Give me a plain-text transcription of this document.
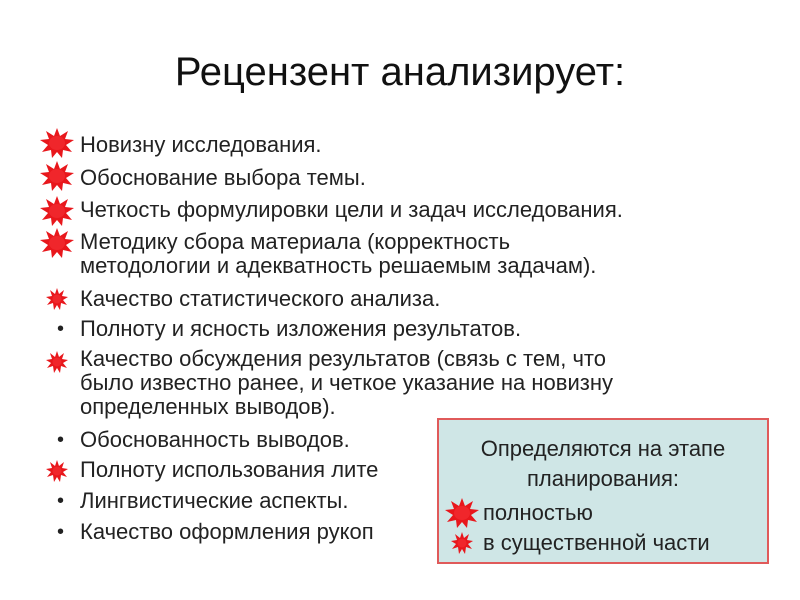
Рецензент анализирует:
Новизну исследования.
Обоснование выбора темы.
Четкость формулировки цели и задач исследования.
Методику сбора материала (корректность
методологии и адекватность решаемым задачам).
Качество статистического анализа.
• Полноту и ясность изложения результатов.
Качество обсуждения результатов (связь с тем, что
было известно ранее, и четкое указание на новизну
определенных выводов).
• Обоснованность выводов.
Полноту использования лите
• Лингвистические аспекты.
• Качество оформления рукоп
Определяются на этапе
планирования:
полностью
в существенной части
